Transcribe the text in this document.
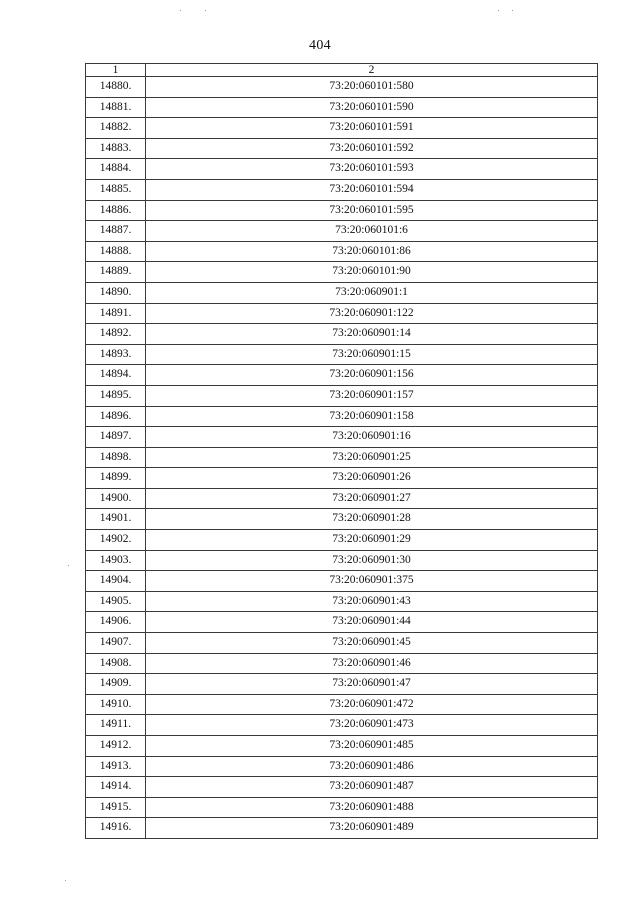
404
1	2
14880.	73:20:060101:580
14881.	73:20:060101:590
14882.	73:20:060101:591
14883.	73:20:060101:592
14884.	73:20:060101:593
14885.	73:20:060101:594
14886.	73:20:060101:595
14887.	73:20:060101:6
14888.	73:20:060101:86
14889.	73:20:060101:90
14890.	73:20:060901:1
14891.	73:20:060901:122
14892.	73:20:060901:14
14893.	73:20:060901:15
14894.	73:20:060901:156
14895.	73:20:060901:157
14896.	73:20:060901:158
14897.	73:20:060901:16
14898.	73:20:060901:25
14899.	73:20:060901:26
14900.	73:20:060901:27
14901.	73:20:060901:28
14902.	73:20:060901:29
14903.	73:20:060901:30
14904.	73:20:060901:375
14905.	73:20:060901:43
14906.	73:20:060901:44
14907.	73:20:060901:45
14908.	73:20:060901:46
14909.	73:20:060901:47
14910.	73:20:060901:472
14911.	73:20:060901:473
14912.	73:20:060901:485
14913.	73:20:060901:486
14914.	73:20:060901:487
14915.	73:20:060901:488
14916.	73:20:060901:489
